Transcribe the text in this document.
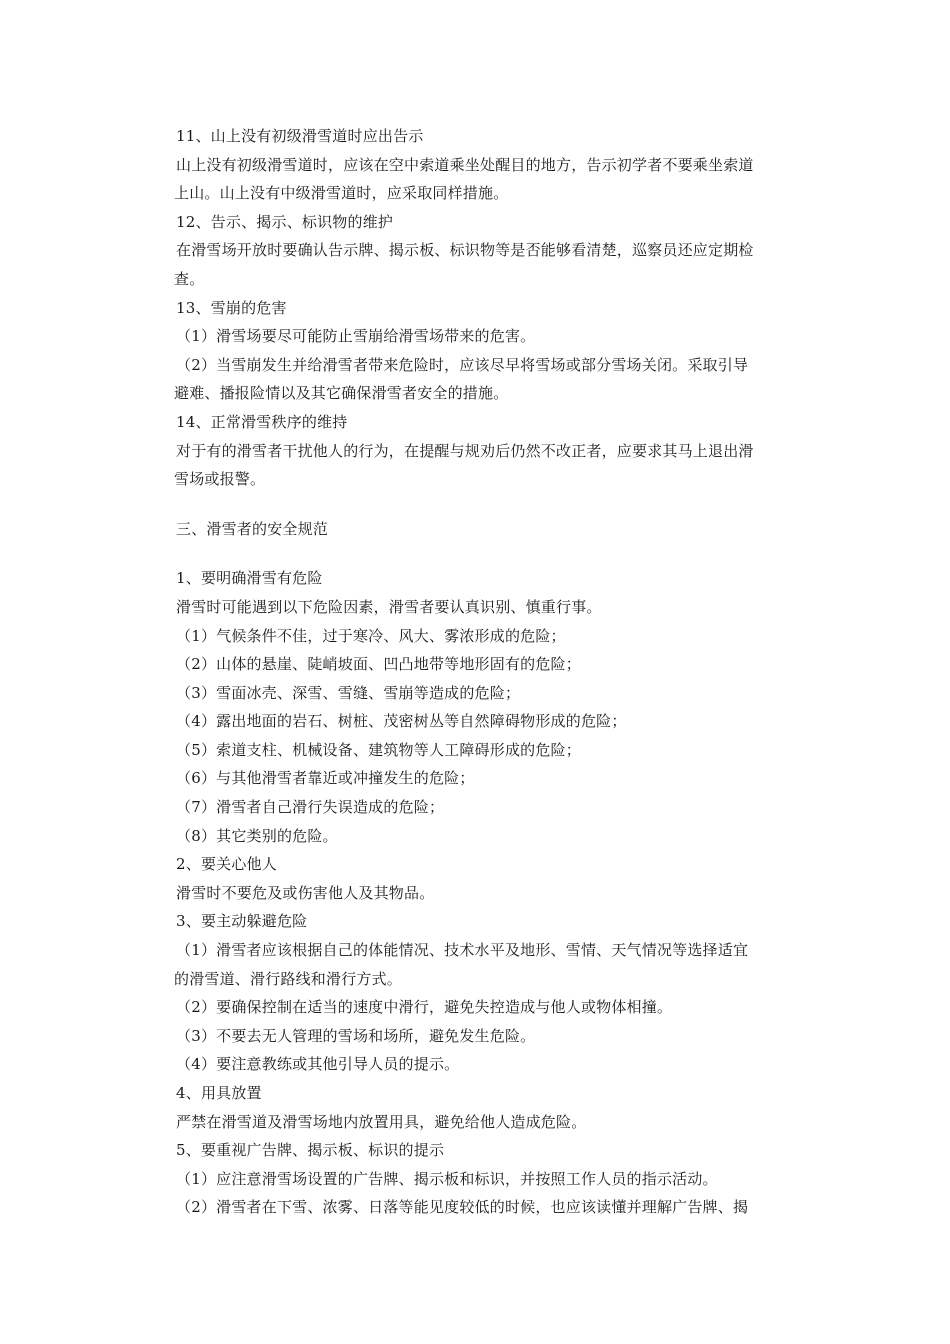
11、山上没有初级滑雪道时应出告示
山上没有初级滑雪道时，应该在空中索道乘坐处醒目的地方，告示初学者不要乘坐索道
上山。山上没有中级滑雪道时，应采取同样措施。
12、告示、揭示、标识物的维护
在滑雪场开放时要确认告示牌、揭示板、标识物等是否能够看清楚，巡察员还应定期检
查。
13、雪崩的危害
（1）滑雪场要尽可能防止雪崩给滑雪场带来的危害。
（2）当雪崩发生并给滑雪者带来危险时，应该尽早将雪场或部分雪场关闭。采取引导
避难、播报险情以及其它确保滑雪者安全的措施。
14、正常滑雪秩序的维持
对于有的滑雪者干扰他人的行为，在提醒与规劝后仍然不改正者，应要求其马上退出滑
雪场或报警。
三、滑雪者的安全规范
1、要明确滑雪有危险
滑雪时可能遇到以下危险因素，滑雪者要认真识别、慎重行事。
（1）气候条件不佳，过于寒冷、风大、雾浓形成的危险；
（2）山体的悬崖、陡峭坡面、凹凸地带等地形固有的危险；
（3）雪面冰壳、深雪、雪缝、雪崩等造成的危险；
（4）露出地面的岩石、树桩、茂密树丛等自然障碍物形成的危险；
（5）索道支柱、机械设备、建筑物等人工障碍形成的危险；
（6）与其他滑雪者靠近或冲撞发生的危险；
（7）滑雪者自己滑行失误造成的危险；
（8）其它类别的危险。
2、要关心他人
滑雪时不要危及或伤害他人及其物品。
3、要主动躲避危险
（1）滑雪者应该根据自己的体能情况、技术水平及地形、雪情、天气情况等选择适宜
的滑雪道、滑行路线和滑行方式。
（2）要确保控制在适当的速度中滑行，避免失控造成与他人或物体相撞。
（3）不要去无人管理的雪场和场所，避免发生危险。
（4）要注意教练或其他引导人员的提示。
4、用具放置
严禁在滑雪道及滑雪场地内放置用具，避免给他人造成危险。
5、要重视广告牌、揭示板、标识的提示
（1）应注意滑雪场设置的广告牌、揭示板和标识，并按照工作人员的指示活动。
（2）滑雪者在下雪、浓雾、日落等能见度较低的时候，也应该读懂并理解广告牌、揭
